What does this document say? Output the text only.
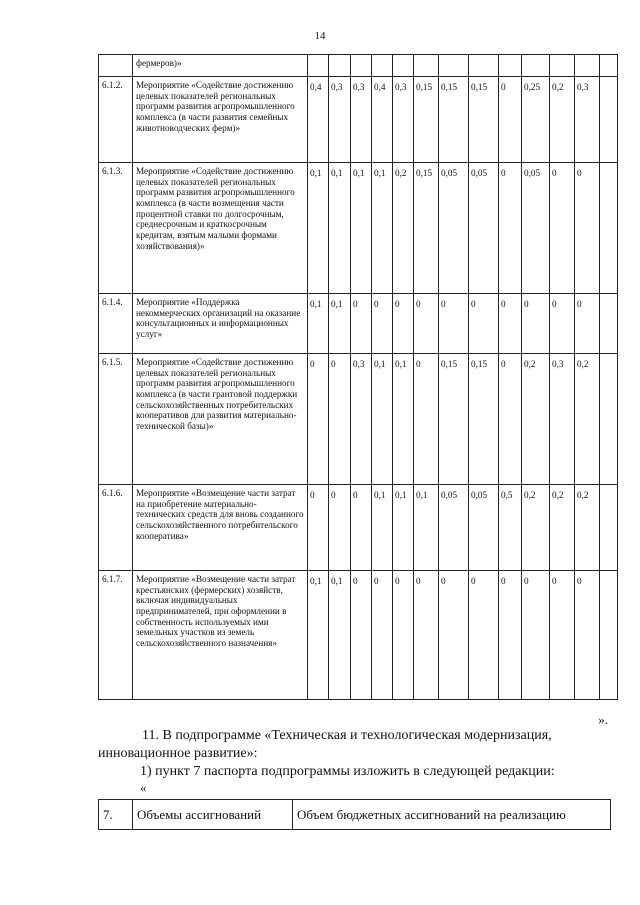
14
	фермеров)»													
6.1.2.	Мероприятие «Содействие достижению целевых показателей региональных программ развития агропромышленного комплекса (в части развития семейных животноводческих ферм)»	0,4	0,3	0,3	0,4	0,3	0,15	0,15	0,15	0	0,25	0,2	0,3	
6.1.3.	Мероприятие «Содействие достижению целевых показателей региональных программ развития агропромышленного комплекса (в части возмещения части процентной ставки по долгосрочным, среднесрочным и краткосрочным кредитам, взятым малыми формами хозяйствования)»	0,1	0,1	0,1	0,1	0,2	0,15	0,05	0,05	0	0,05	0	0	
6.1.4.	Мероприятие «Поддержка некоммерческих организаций на оказание консультационных и информационных услуг»	0,1	0,1	0	0	0	0	0	0	0	0	0	0	
6.1.5.	Мероприятие «Содействие достижению целевых показателей региональных программ развития агропромышленного комплекса (в части грантовой поддержки сельскохозяйственных потребительских кооперативов для развития материально-технической базы)»	0	0	0,3	0,1	0,1	0	0,15	0,15	0	0,2	0,3	0,2	
6.1.6.	Мероприятие «Возмещение части затрат на приобретение материально-технических средств для вновь созданного сельскохозяйственного потребительского кооператива»	0	0	0	0,1	0,1	0,1	0,05	0,05	0,5	0,2	0,2	0,2	
6.1.7.	Мероприятие «Возмещение части затрат крестьянских (фермерских) хозяйств, включая индивидуальных предпринимателей, при оформлении в собственность используемых ими земельных участков из земель сельскохозяйственного назначения»	0,1	0,1	0	0	0	0	0	0	0	0	0	0	
».
11. В подпрограмме «Техническая и технологическая модернизация, инновационное развитие»:
1) пункт 7 паспорта подпрограммы изложить в следующей редакции:
«
7.	Объемы ассигнований	Объем бюджетных ассигнований на реализацию
